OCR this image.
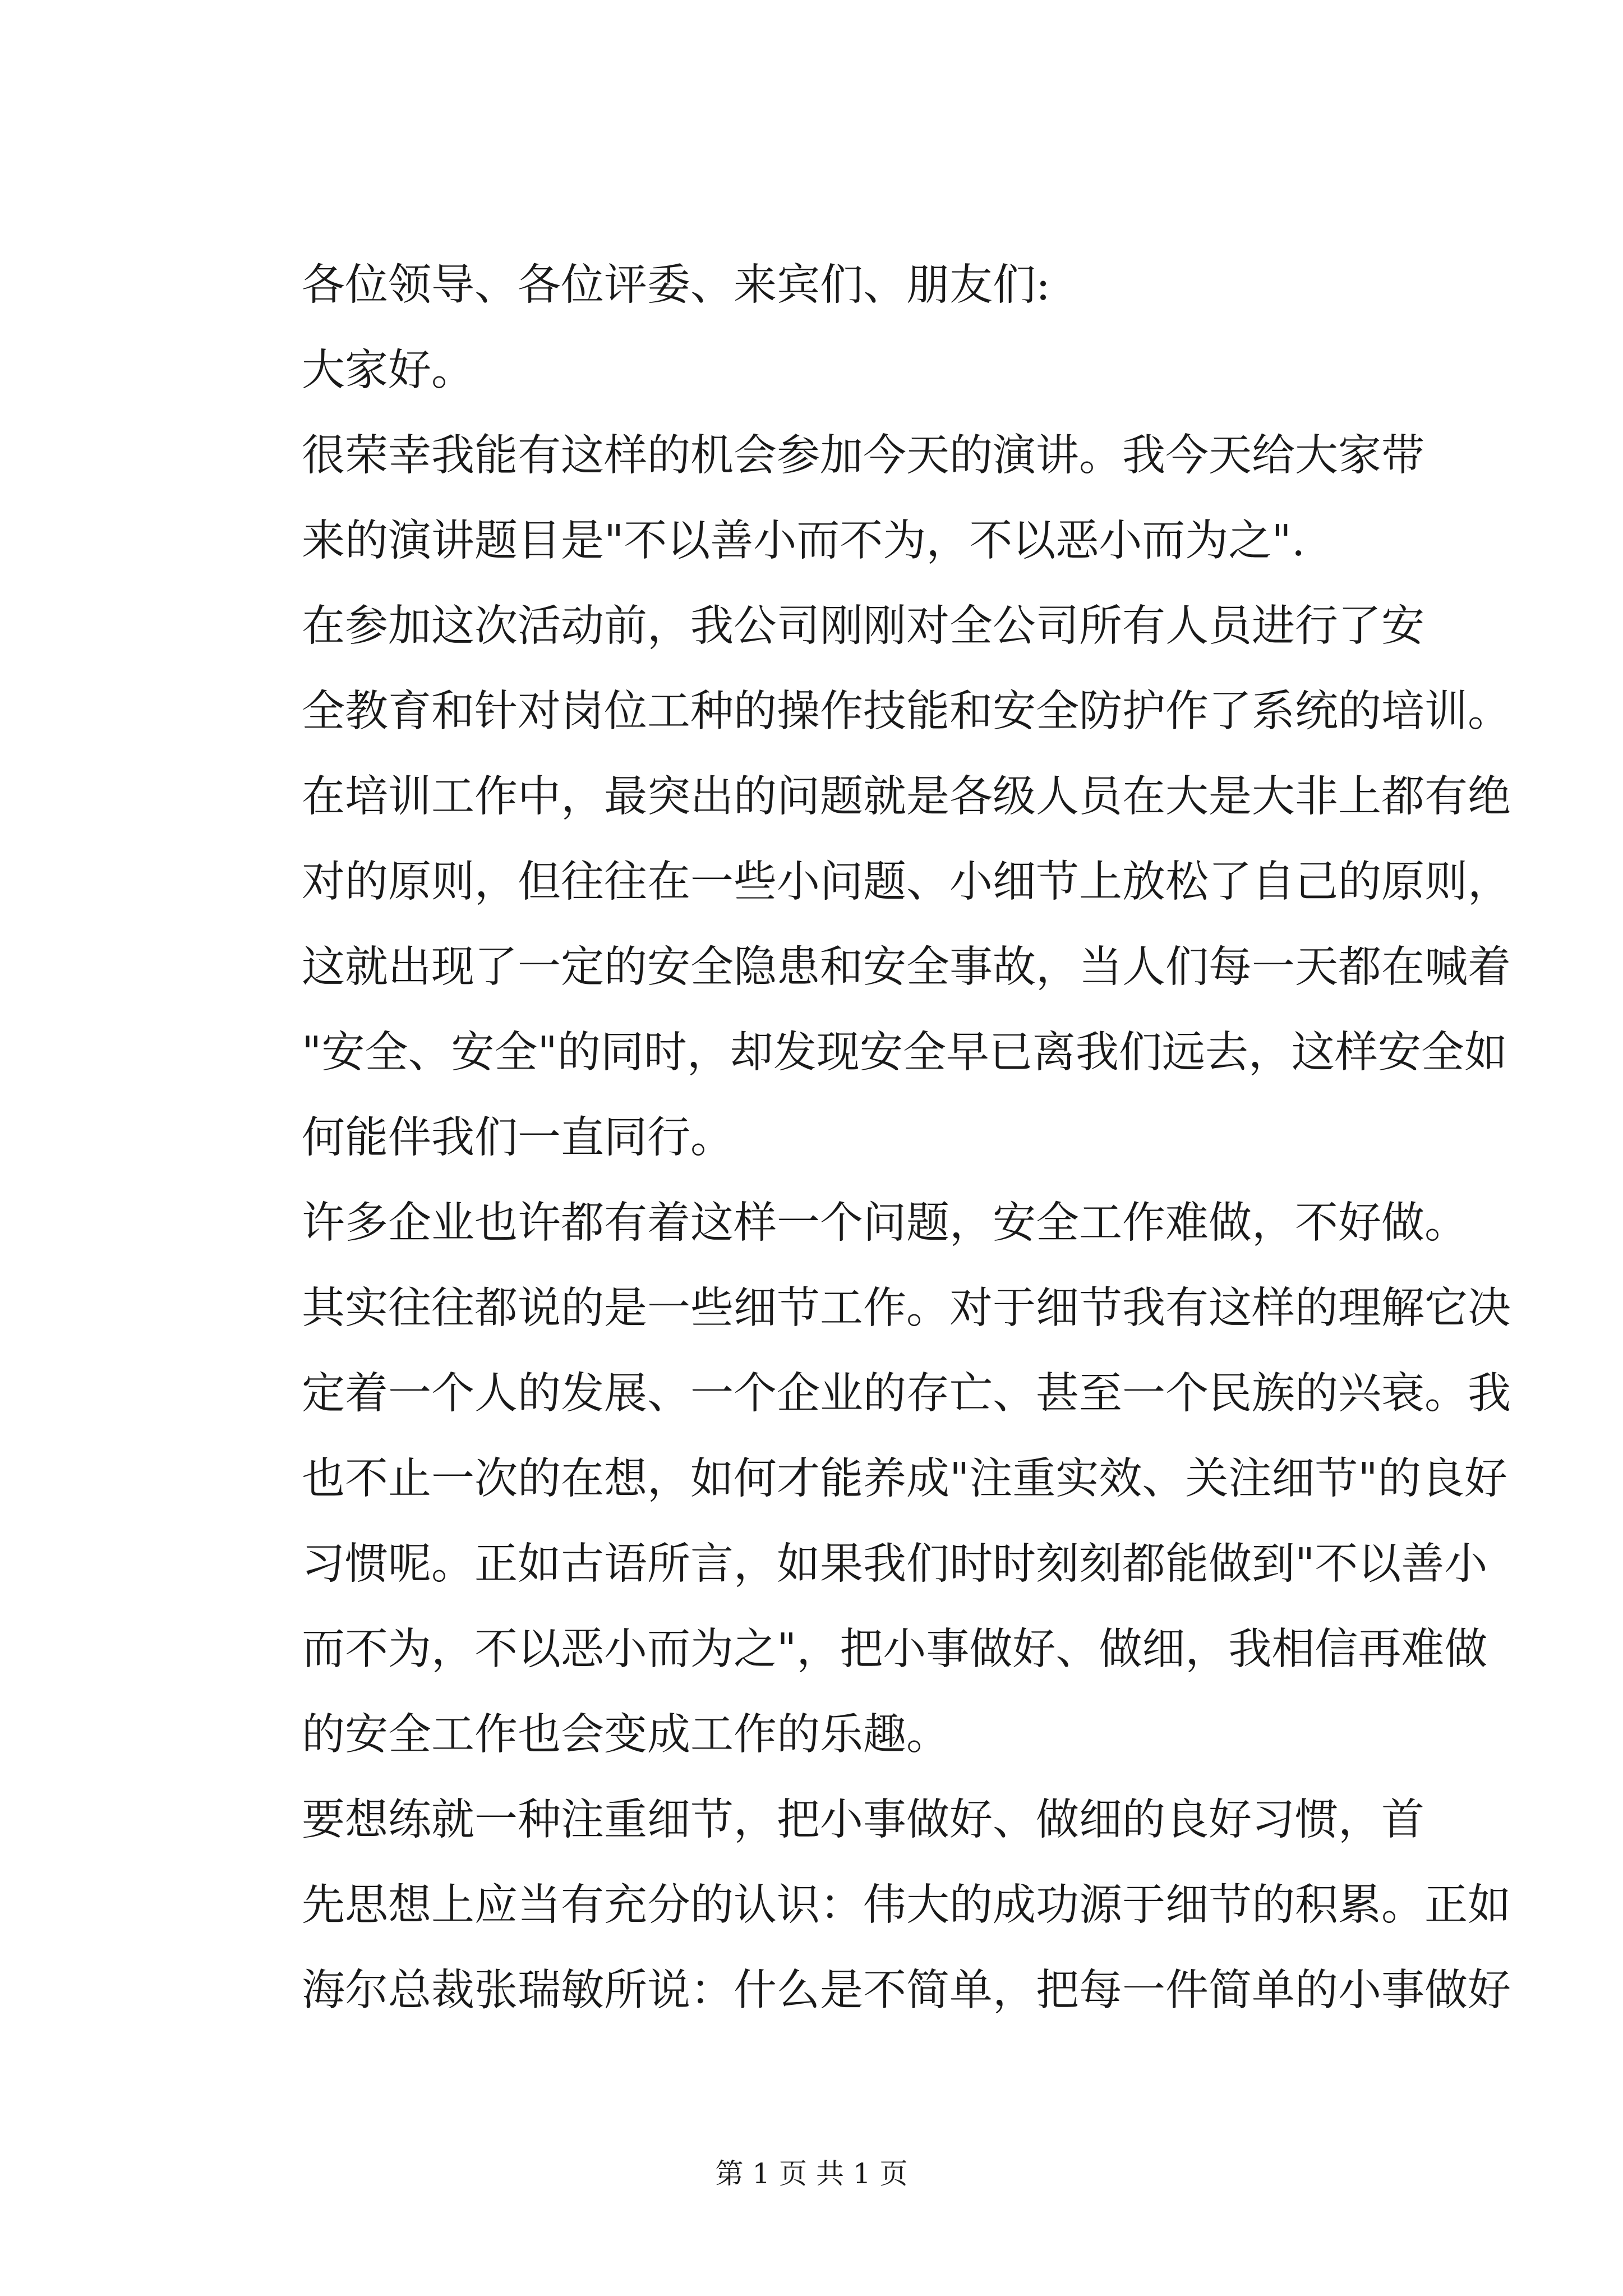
各位领导、各位评委、来宾们、朋友们:
大家好。
很荣幸我能有这样的机会参加今天的演讲。我今天给大家带
来的演讲题目是"不以善小而不为，不以恶小而为之".
在参加这次活动前，我公司刚刚对全公司所有人员进行了安
全教育和针对岗位工种的操作技能和安全防护作了系统的培训。
在培训工作中，最突出的问题就是各级人员在大是大非上都有绝
对的原则，但往往在一些小问题、小细节上放松了自己的原则，
这就出现了一定的安全隐患和安全事故，当人们每一天都在喊着
"安全、安全"的同时，却发现安全早已离我们远去，这样安全如
何能伴我们一直同行。
许多企业也许都有着这样一个问题，安全工作难做，不好做。
其实往往都说的是一些细节工作。对于细节我有这样的理解它决
定着一个人的发展、一个企业的存亡、甚至一个民族的兴衰。我
也不止一次的在想，如何才能养成"注重实效、关注细节"的良好
习惯呢。正如古语所言，如果我们时时刻刻都能做到"不以善小
而不为，不以恶小而为之"，把小事做好、做细，我相信再难做
的安全工作也会变成工作的乐趣。
要想练就一种注重细节，把小事做好、做细的良好习惯，首
先思想上应当有充分的认识：伟大的成功源于细节的积累。正如
海尔总裁张瑞敏所说：什么是不简单，把每一件简单的小事做好
第 1 页 共 1 页
